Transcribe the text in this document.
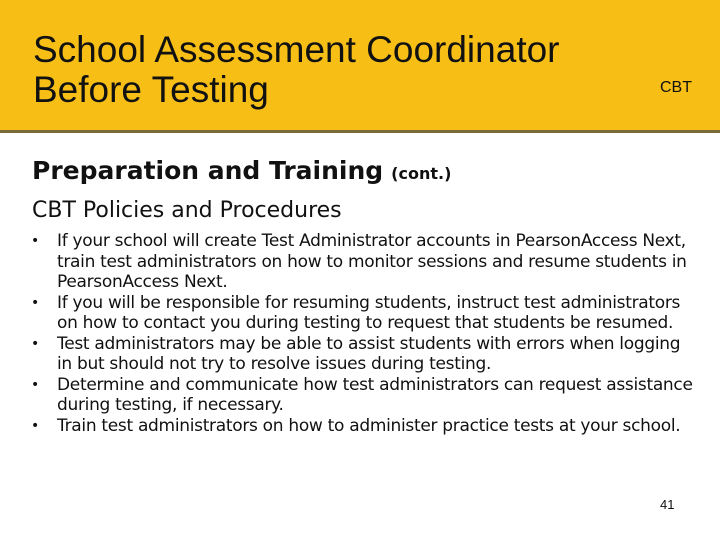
School Assessment Coordinator
Before Testing	CBT
Preparation and Training (cont.)
CBT Policies and Procedures
• If your school will create Test Administrator accounts in PearsonAccess Next, train test administrators on how to monitor sessions and resume students in PearsonAccess Next.
• If you will be responsible for resuming students, instruct test administrators on how to contact you during testing to request that students be resumed.
• Test administrators may be able to assist students with errors when logging in but should not try to resolve issues during testing.
• Determine and communicate how test administrators can request assistance during testing, if necessary.
• Train test administrators on how to administer practice tests at your school.
41
